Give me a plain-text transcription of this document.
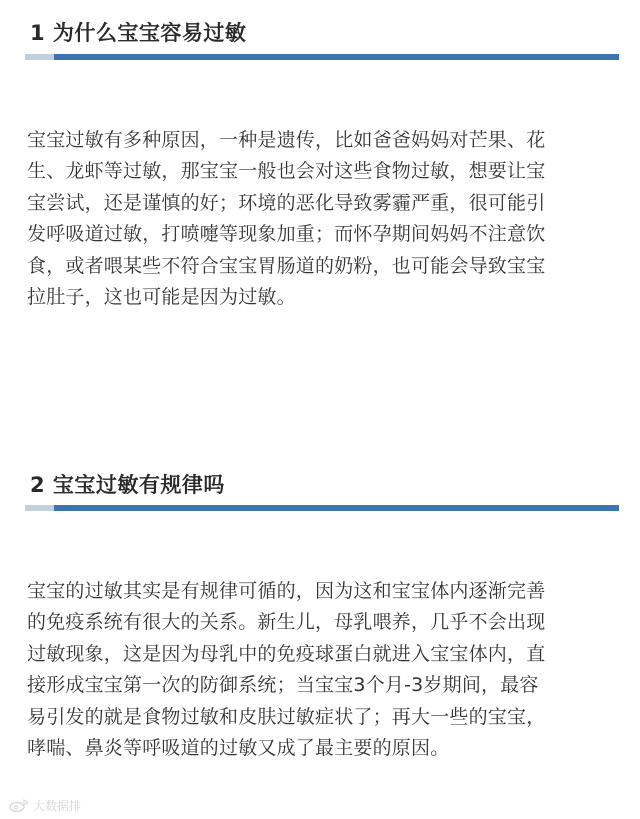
1 为什么宝宝容易过敏

宝宝过敏有多种原因，一种是遗传，比如爸爸妈妈对芒果、花
生、龙虾等过敏，那宝宝一般也会对这些食物过敏，想要让宝
宝尝试，还是谨慎的好；环境的恶化导致雾霾严重，很可能引
发呼吸道过敏，打喷嚏等现象加重；而怀孕期间妈妈不注意饮
食，或者喂某些不符合宝宝胃肠道的奶粉，也可能会导致宝宝
拉肚子，这也可能是因为过敏。

2 宝宝过敏有规律吗

宝宝的过敏其实是有规律可循的，因为这和宝宝体内逐渐完善
的免疫系统有很大的关系。新生儿，母乳喂养，几乎不会出现
过敏现象，这是因为母乳中的免疫球蛋白就进入宝宝体内，直
接形成宝宝第一次的防御系统；当宝宝3个月-3岁期间，最容
易引发的就是食物过敏和皮肤过敏症状了；再大一些的宝宝，
哮喘、鼻炎等呼吸道的过敏又成了最主要的原因。

大数据排
